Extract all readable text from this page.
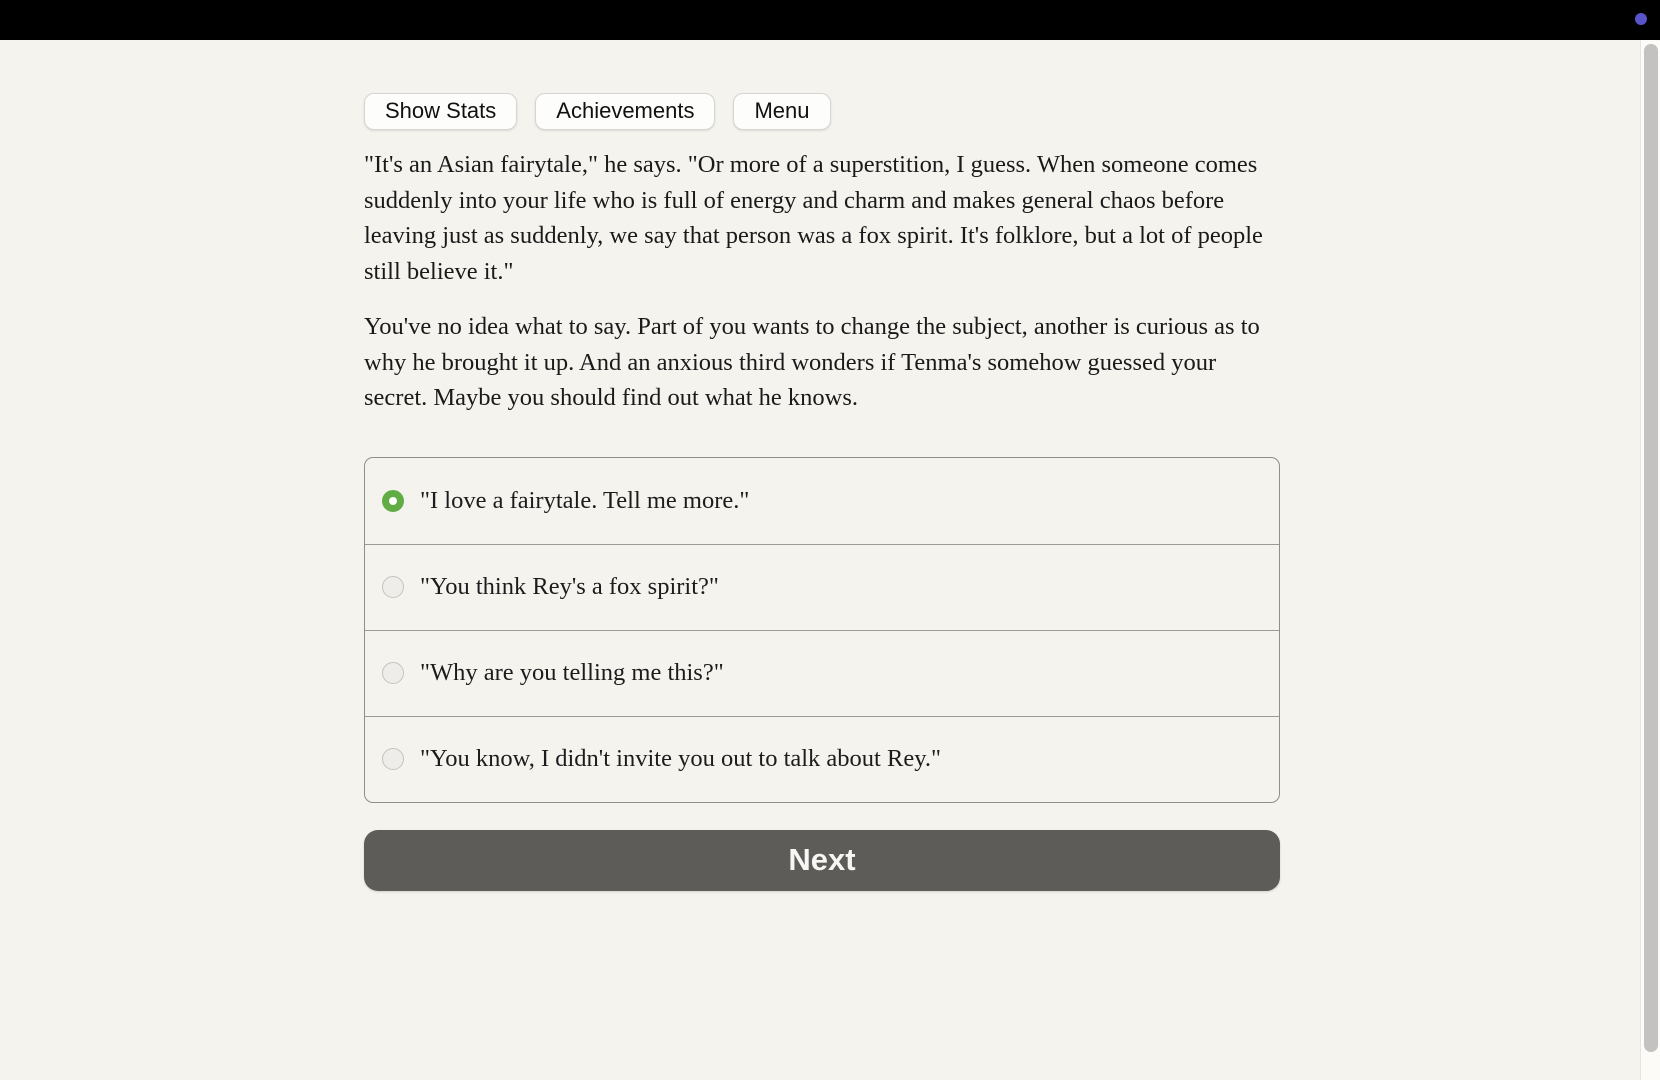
Show Stats	Achievements	Menu

"It's an Asian fairytale," he says. "Or more of a superstition, I guess. When someone comes suddenly into your life who is full of energy and charm and makes general chaos before leaving just as suddenly, we say that person was a fox spirit. It's folklore, but a lot of people still believe it."

You've no idea what to say. Part of you wants to change the subject, another is curious as to why he brought it up. And an anxious third wonders if Tenma's somehow guessed your secret. Maybe you should find out what he knows.

"I love a fairytale. Tell me more."
"You think Rey's a fox spirit?"
"Why are you telling me this?"
"You know, I didn't invite you out to talk about Rey."
Next
